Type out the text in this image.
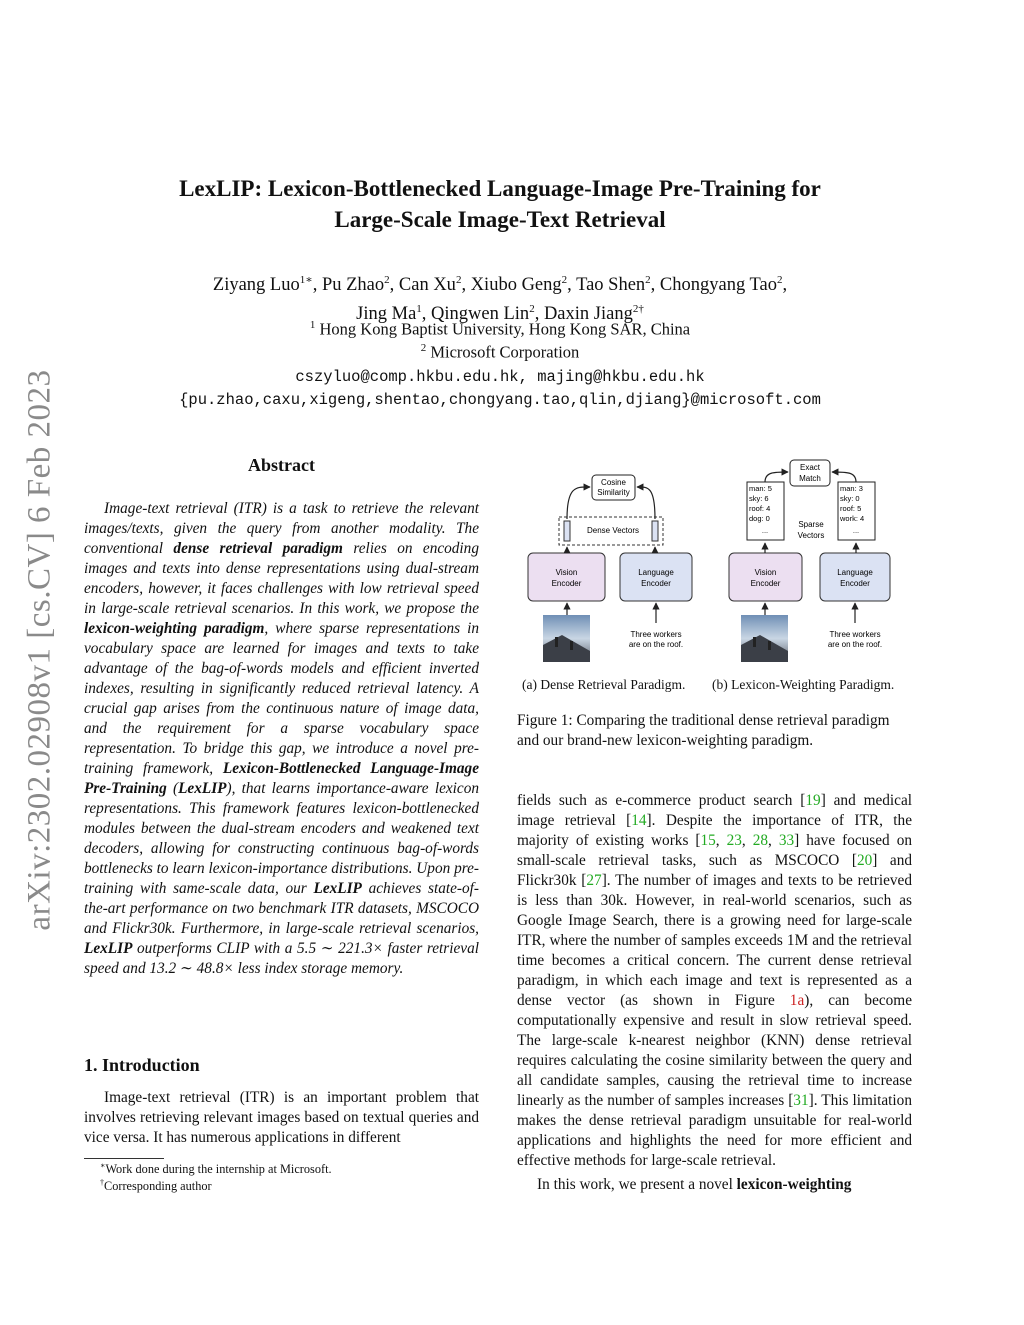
arXiv:2302.02908v1 [cs.CV] 6 Feb 2023
LexLIP: Lexicon-Bottlenecked Language-Image Pre-Training for
Large-Scale Image-Text Retrieval
Ziyang Luo$^{1∗}$, Pu Zhao$^2$, Can Xu$^2$, Xiubo Geng$^2$, Tao Shen$^2$, Chongyang Tao$^2$,
Jing Ma$^1$, Qingwen Lin$^2$, Daxin Jiang$^{2\dagger}$
$^1$ Hong Kong Baptist University, Hong Kong SAR, China
$^2$ Microsoft Corporation
cszyluo@comp.hkbu.edu.hk, majing@hkbu.edu.hk
{pu.zhao,caxu,xigeng,shentao,chongyang.tao,qlin,djiang}@microsoft.com
Abstract

Image-text retrieval (ITR) is a task to retrieve the relevant images/texts, given the query from another modality. The conventional dense retrieval paradigm relies on encoding images and texts into dense representations using dual-stream encoders, however, it faces challenges with low retrieval speed in large-scale retrieval scenarios. In this work, we propose the lexicon-weighting paradigm, where sparse representations in vocabulary space are learned for images and texts to take advantage of the bag-of-words models and efficient inverted indexes, resulting in significantly reduced retrieval latency. A crucial gap arises from the continuous nature of image data, and the requirement for a sparse vocabulary space representation. To bridge this gap, we introduce a novel pre-training framework, Lexicon-Bottlenecked Language-Image Pre-Training (LexLIP), that learns importance-aware lexicon representations. This framework features lexicon-bottlenecked modules between the dual-stream encoders and weakened text decoders, allowing for constructing continuous bag-of-words bottlenecks to learn lexicon-importance distributions. Upon pre-training with same-scale data, our LexLIP achieves state-of-the-art performance on two benchmark ITR datasets, MSCOCO and Flickr30k. Furthermore, in large-scale retrieval scenarios, LexLIP outperforms CLIP with a 5.5 ∼ 221.3× faster retrieval speed and 13.2 ∼ 48.8× less index storage memory.

1. Introduction

Image-text retrieval (ITR) is an important problem that involves retrieving relevant images based on textual queries and vice versa. It has numerous applications in different

∗Work done during the internship at Microsoft.
†Corresponding author
Cosine
Similarity
Dense Vectors
Vision
Encoder
Language
Encoder
Three workers
are on the roof.
Exact
Match
man: 5
sky: 6
roof: 4
dog: 0
...
man: 3
sky: 0
roof: 5
work: 4
...
Sparse
Vectors
Vision
Encoder
Language
Encoder
Three workers
are on the roof.
(a) Dense Retrieval Paradigm. (b) Lexicon-Weighting Paradigm.
Figure 1: Comparing the traditional dense retrieval paradigm and our brand-new lexicon-weighting paradigm.

fields such as e-commerce product search [19] and medical image retrieval [14]. Despite the importance of ITR, the majority of existing works [15, 23, 28, 33] have focused on small-scale retrieval tasks, such as MSCOCO [20] and Flickr30k [27]. The number of images and texts to be retrieved is less than 30k. However, in real-world scenarios, such as Google Image Search, there is a growing need for large-scale ITR, where the number of samples exceeds 1M and the retrieval time becomes a critical concern. The current dense retrieval paradigm, in which each image and text is represented as a dense vector (as shown in Figure 1a), can become computationally expensive and result in slow retrieval speed. The large-scale k-nearest neighbor (KNN) dense retrieval requires calculating the cosine similarity between the query and all candidate samples, causing the retrieval time to increase linearly as the number of samples increases [31]. This limitation makes the dense retrieval paradigm unsuitable for real-world applications and highlights the need for more efficient and effective methods for large-scale retrieval.

In this work, we present a novel lexicon-weighting
